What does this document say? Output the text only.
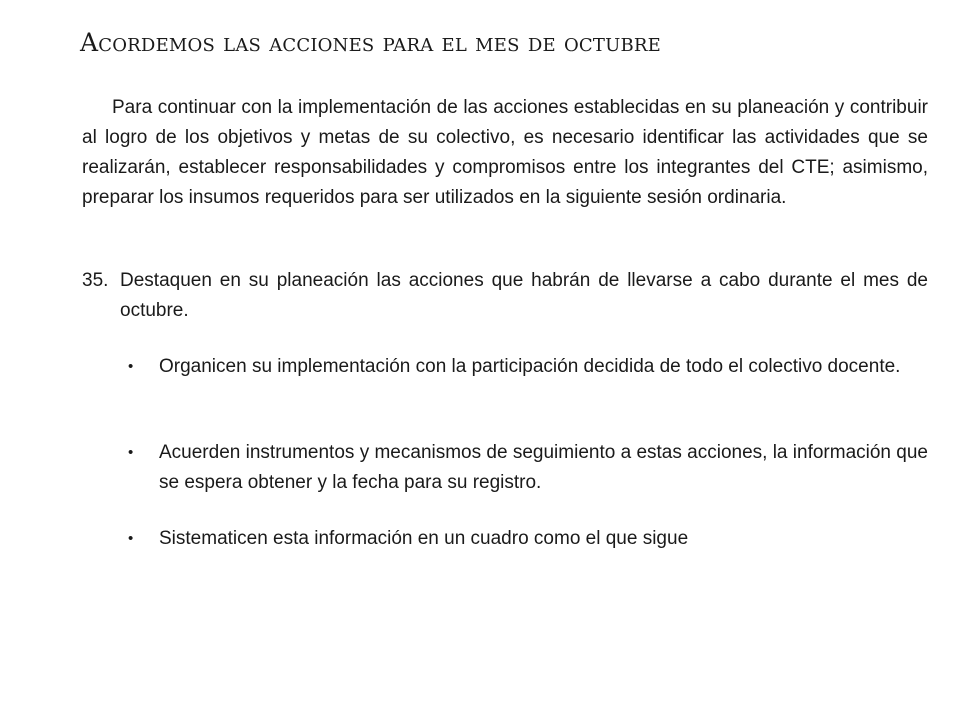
Acordemos las acciones para el mes de octubre

Para continuar con la implementación de las acciones establecidas en su planeación y contribuir al logro de los objetivos y metas de su colectivo, es necesario identificar las actividades que se realizarán, establecer responsabilidades y compromisos entre los integrantes del CTE; asimismo, preparar los insumos requeridos para ser utilizados en la siguiente sesión ordinaria.

35. Destaquen en su planeación las acciones que habrán de llevarse a cabo durante el mes de octubre.

•	Organicen su implementación con la participación decidida de todo el colectivo docente.
•	Acuerden instrumentos y mecanismos de seguimiento a estas acciones, la información que se espera obtener y la fecha para su registro.
•	Sistematicen esta información en un cuadro como el que sigue
